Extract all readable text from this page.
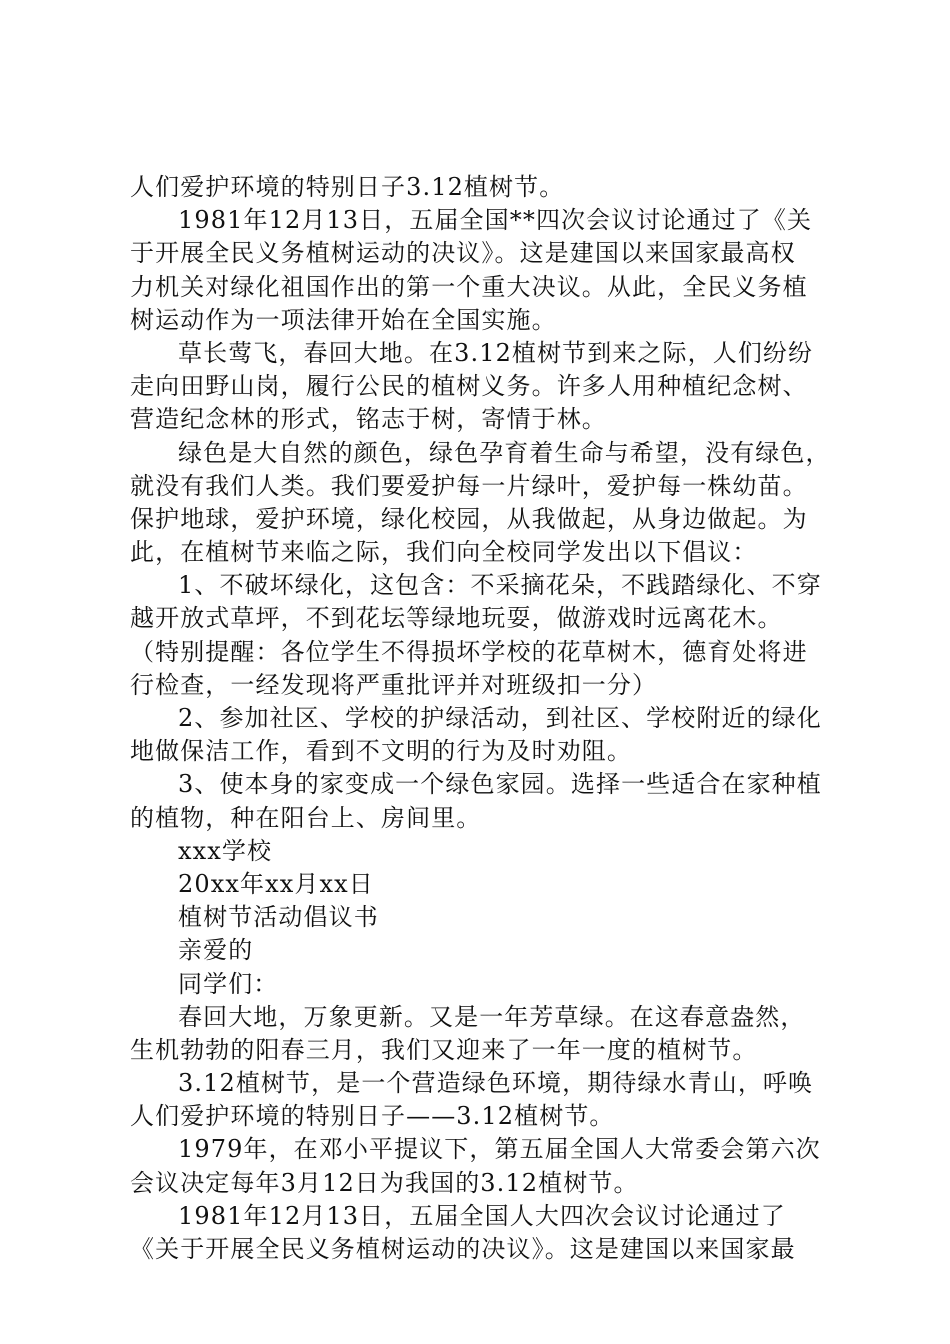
人们爱护环境的特别日子3.12植树节。
1981年12月13日，五届全国**四次会议讨论通过了《关
于开展全民义务植树运动的决议》。这是建国以来国家最高权
力机关对绿化祖国作出的第一个重大决议。从此，全民义务植
树运动作为一项法律开始在全国实施。
草长莺飞，春回大地。在3.12植树节到来之际，人们纷纷
走向田野山岗，履行公民的植树义务。许多人用种植纪念树、
营造纪念林的形式，铭志于树，寄情于林。
绿色是大自然的颜色，绿色孕育着生命与希望，没有绿色，
就没有我们人类。我们要爱护每一片绿叶，爱护每一株幼苗。
保护地球，爱护环境，绿化校园，从我做起，从身边做起。为
此，在植树节来临之际，我们向全校同学发出以下倡议：
1、不破坏绿化，这包含：不采摘花朵，不践踏绿化、不穿
越开放式草坪，不到花坛等绿地玩耍，做游戏时远离花木。
（特别提醒：各位学生不得损坏学校的花草树木，德育处将进
行检查，一经发现将严重批评并对班级扣一分）
2、参加社区、学校的护绿活动，到社区、学校附近的绿化
地做保洁工作，看到不文明的行为及时劝阻。
3、使本身的家变成一个绿色家园。选择一些适合在家种植
的植物，种在阳台上、房间里。
xxx学校
20xx年xx月xx日
植树节活动倡议书
亲爱的
同学们：
春回大地，万象更新。又是一年芳草绿。在这春意盎然，
生机勃勃的阳春三月，我们又迎来了一年一度的植树节。
3.12植树节，是一个营造绿色环境，期待绿水青山，呼唤
人们爱护环境的特别日子——3.12植树节。
1979年，在邓小平提议下，第五届全国人大常委会第六次
会议决定每年3月12日为我国的3.12植树节。
1981年12月13日，五届全国人大四次会议讨论通过了
《关于开展全民义务植树运动的决议》。这是建国以来国家最
